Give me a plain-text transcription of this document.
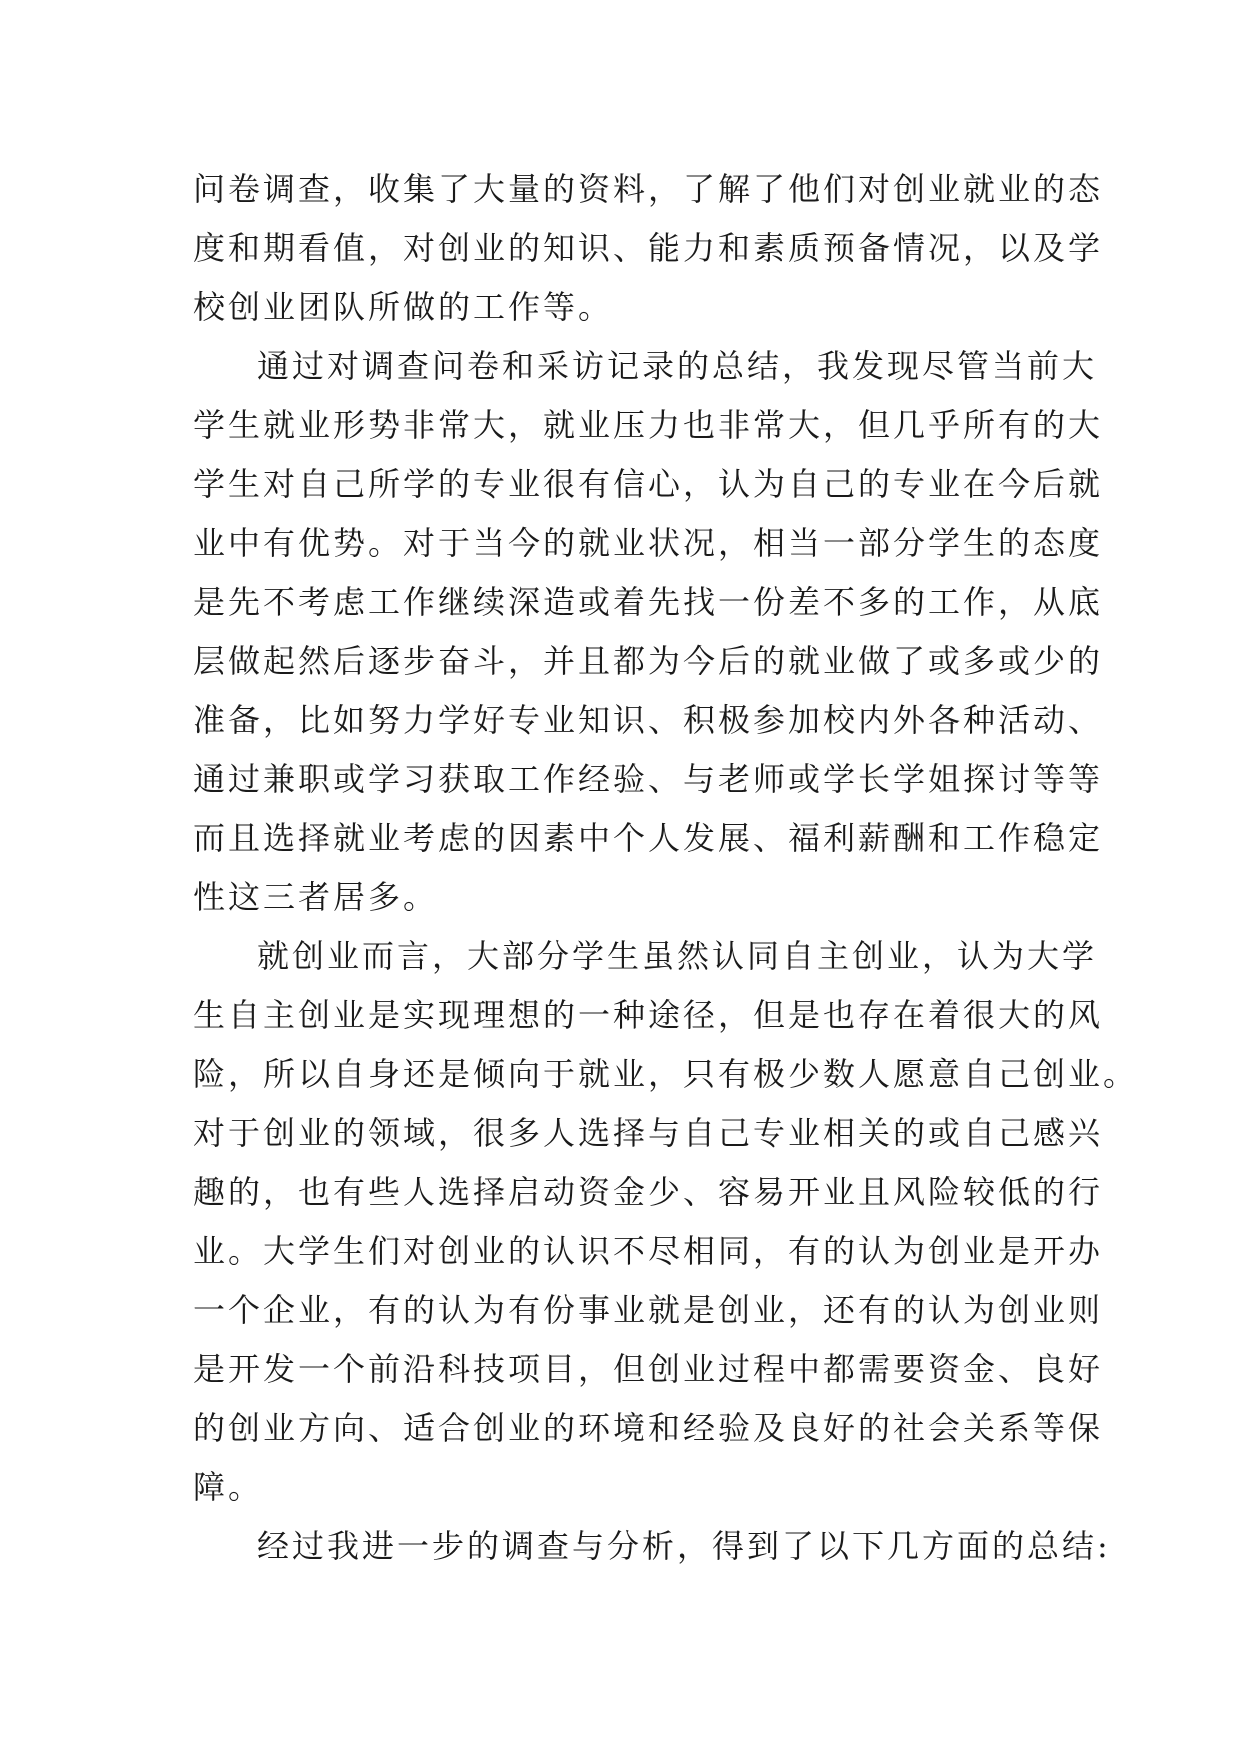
问卷调查，收集了大量的资料，了解了他们对创业就业的态
度和期看值，对创业的知识、能力和素质预备情况，以及学
校创业团队所做的工作等。
通过对调查问卷和采访记录的总结，我发现尽管当前大
学生就业形势非常大，就业压力也非常大，但几乎所有的大
学生对自己所学的专业很有信心，认为自己的专业在今后就
业中有优势。对于当今的就业状况，相当一部分学生的态度
是先不考虑工作继续深造或着先找一份差不多的工作，从底
层做起然后逐步奋斗，并且都为今后的就业做了或多或少的
准备，比如努力学好专业知识、积极参加校内外各种活动、
通过兼职或学习获取工作经验、与老师或学长学姐探讨等等
而且选择就业考虑的因素中个人发展、福利薪酬和工作稳定
性这三者居多。
就创业而言，大部分学生虽然认同自主创业，认为大学
生自主创业是实现理想的一种途径，但是也存在着很大的风
险，所以自身还是倾向于就业，只有极少数人愿意自己创业。
对于创业的领域，很多人选择与自己专业相关的或自己感兴
趣的，也有些人选择启动资金少、容易开业且风险较低的行
业。大学生们对创业的认识不尽相同，有的认为创业是开办
一个企业，有的认为有份事业就是创业，还有的认为创业则
是开发一个前沿科技项目，但创业过程中都需要资金、良好
的创业方向、适合创业的环境和经验及良好的社会关系等保
障。
经过我进一步的调查与分析，得到了以下几方面的总结:
